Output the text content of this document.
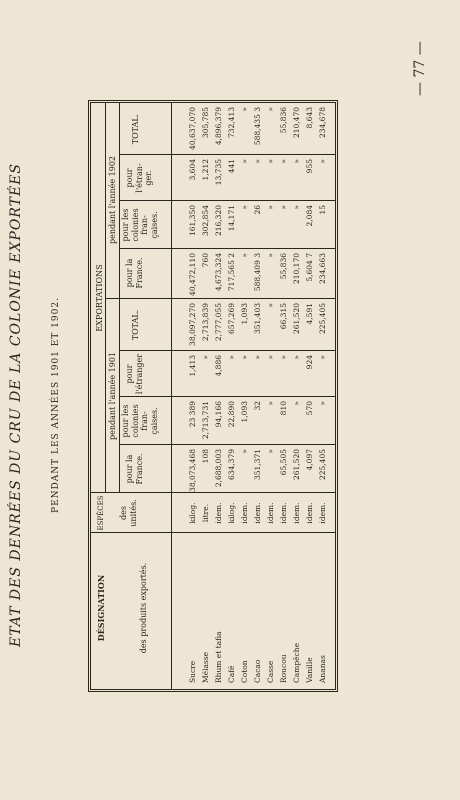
— 77 —
ETAT DES DENRÉES DU CRU DE LA COLONIE EXPORTÉES	PENDANT LES ANNÉES 1901 ET 1902.
DÉSIGNATION	des produits exportés.
ESPÈCES des unités.
EXPORTATIONS
pendant l'année 1901
pendant l'année 1902
pour la France.
pour les colonies fran-çaises.
pour l'étranger
TOTAL.
pour la France.
pour les colonies fran-çaises.
pour l'étran-ger.
TOTAL.
Sucre
kilog.
38,073,468
23 389
1,413
38,097,270
40,472,110
161,350
3,604
40,637,070
Mélasse
litre.
108
2,713,731
»
2,713,839
760
302,854
1,212
305,785
Rhum et tafia
idem.
2,688,003
94,166
4,886
2,777,055
4,673,324
216,320
13,735
4,896,379
Café
kilog.
634,379
22,890
»
657,269
717,565 2
14,171
441
732,413
Coton
idem.
»
1,093
»
1,093
»
»
»
»
Cacao
idem.
351,371
32
»
351,403
588,409 3
26
»
588,435 3
Casse
idem.
»
»
»
»
»
»
»
»
Roucou
idem.
65,505
810
»
66,315
55,836
»
»
55,836
Campêche
idem.
261,520
»
»
261,520
210,170
»
»
210,470
Vanille
idem.
4,097
570
924
4,591
5,604 7
2,084
955
8,643
Ananas
idem.
225,405
»
»
225,405
234,663
15
»
234,678
